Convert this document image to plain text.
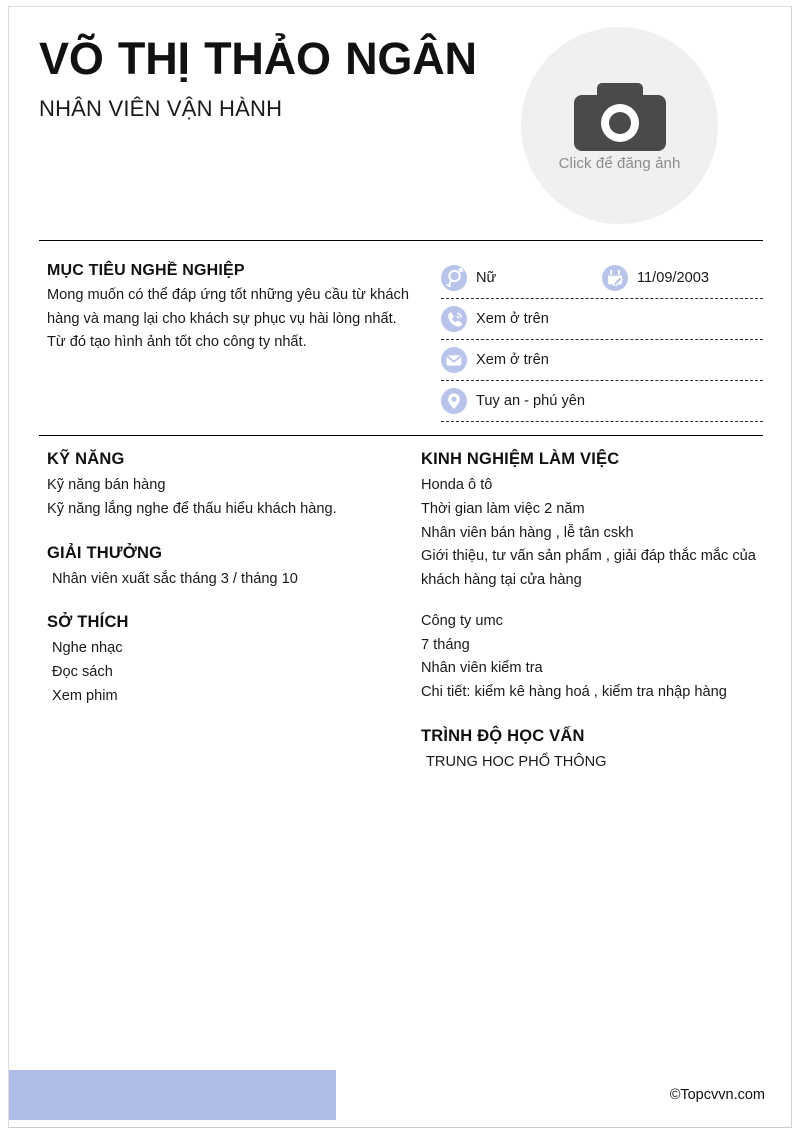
VÕ THỊ THẢO NGÂN
NHÂN VIÊN VẬN HÀNH
Click để đăng ảnh
MỤC TIÊU NGHỀ NGHIỆP
Mong muốn có thể đáp ứng tốt những yêu cầu từ khách hàng và mang lại cho khách sự phục vụ hài lòng nhất. Từ đó tạo hình ảnh tốt cho công ty nhất.
Nữ	11/09/2003
Xem ở trên
Xem ở trên
Tuy an - phú yên
KỸ NĂNG
Kỹ năng bán hàng
Kỹ năng lắng nghe để thấu hiểu khách hàng.
GIẢI THƯỞNG
Nhân viên xuất sắc tháng 3 / tháng 10
SỞ THÍCH
Nghe nhạc
Đọc sách
Xem phim
KINH NGHIỆM LÀM VIỆC
Honda ô tô
Thời gian làm việc 2 năm
Nhân viên bán hàng , lễ tân cskh
Giới thiệu, tư vấn sản phẩm , giải đáp thắc mắc của khách hàng tại cửa hàng
Công ty umc
7 tháng
Nhân viên kiểm tra
Chi tiết: kiểm kê hàng hoá , kiểm tra nhập hàng
TRÌNH ĐỘ HỌC VẤN
TRUNG HOC PHỔ THÔNG
©Topcvvn.com
